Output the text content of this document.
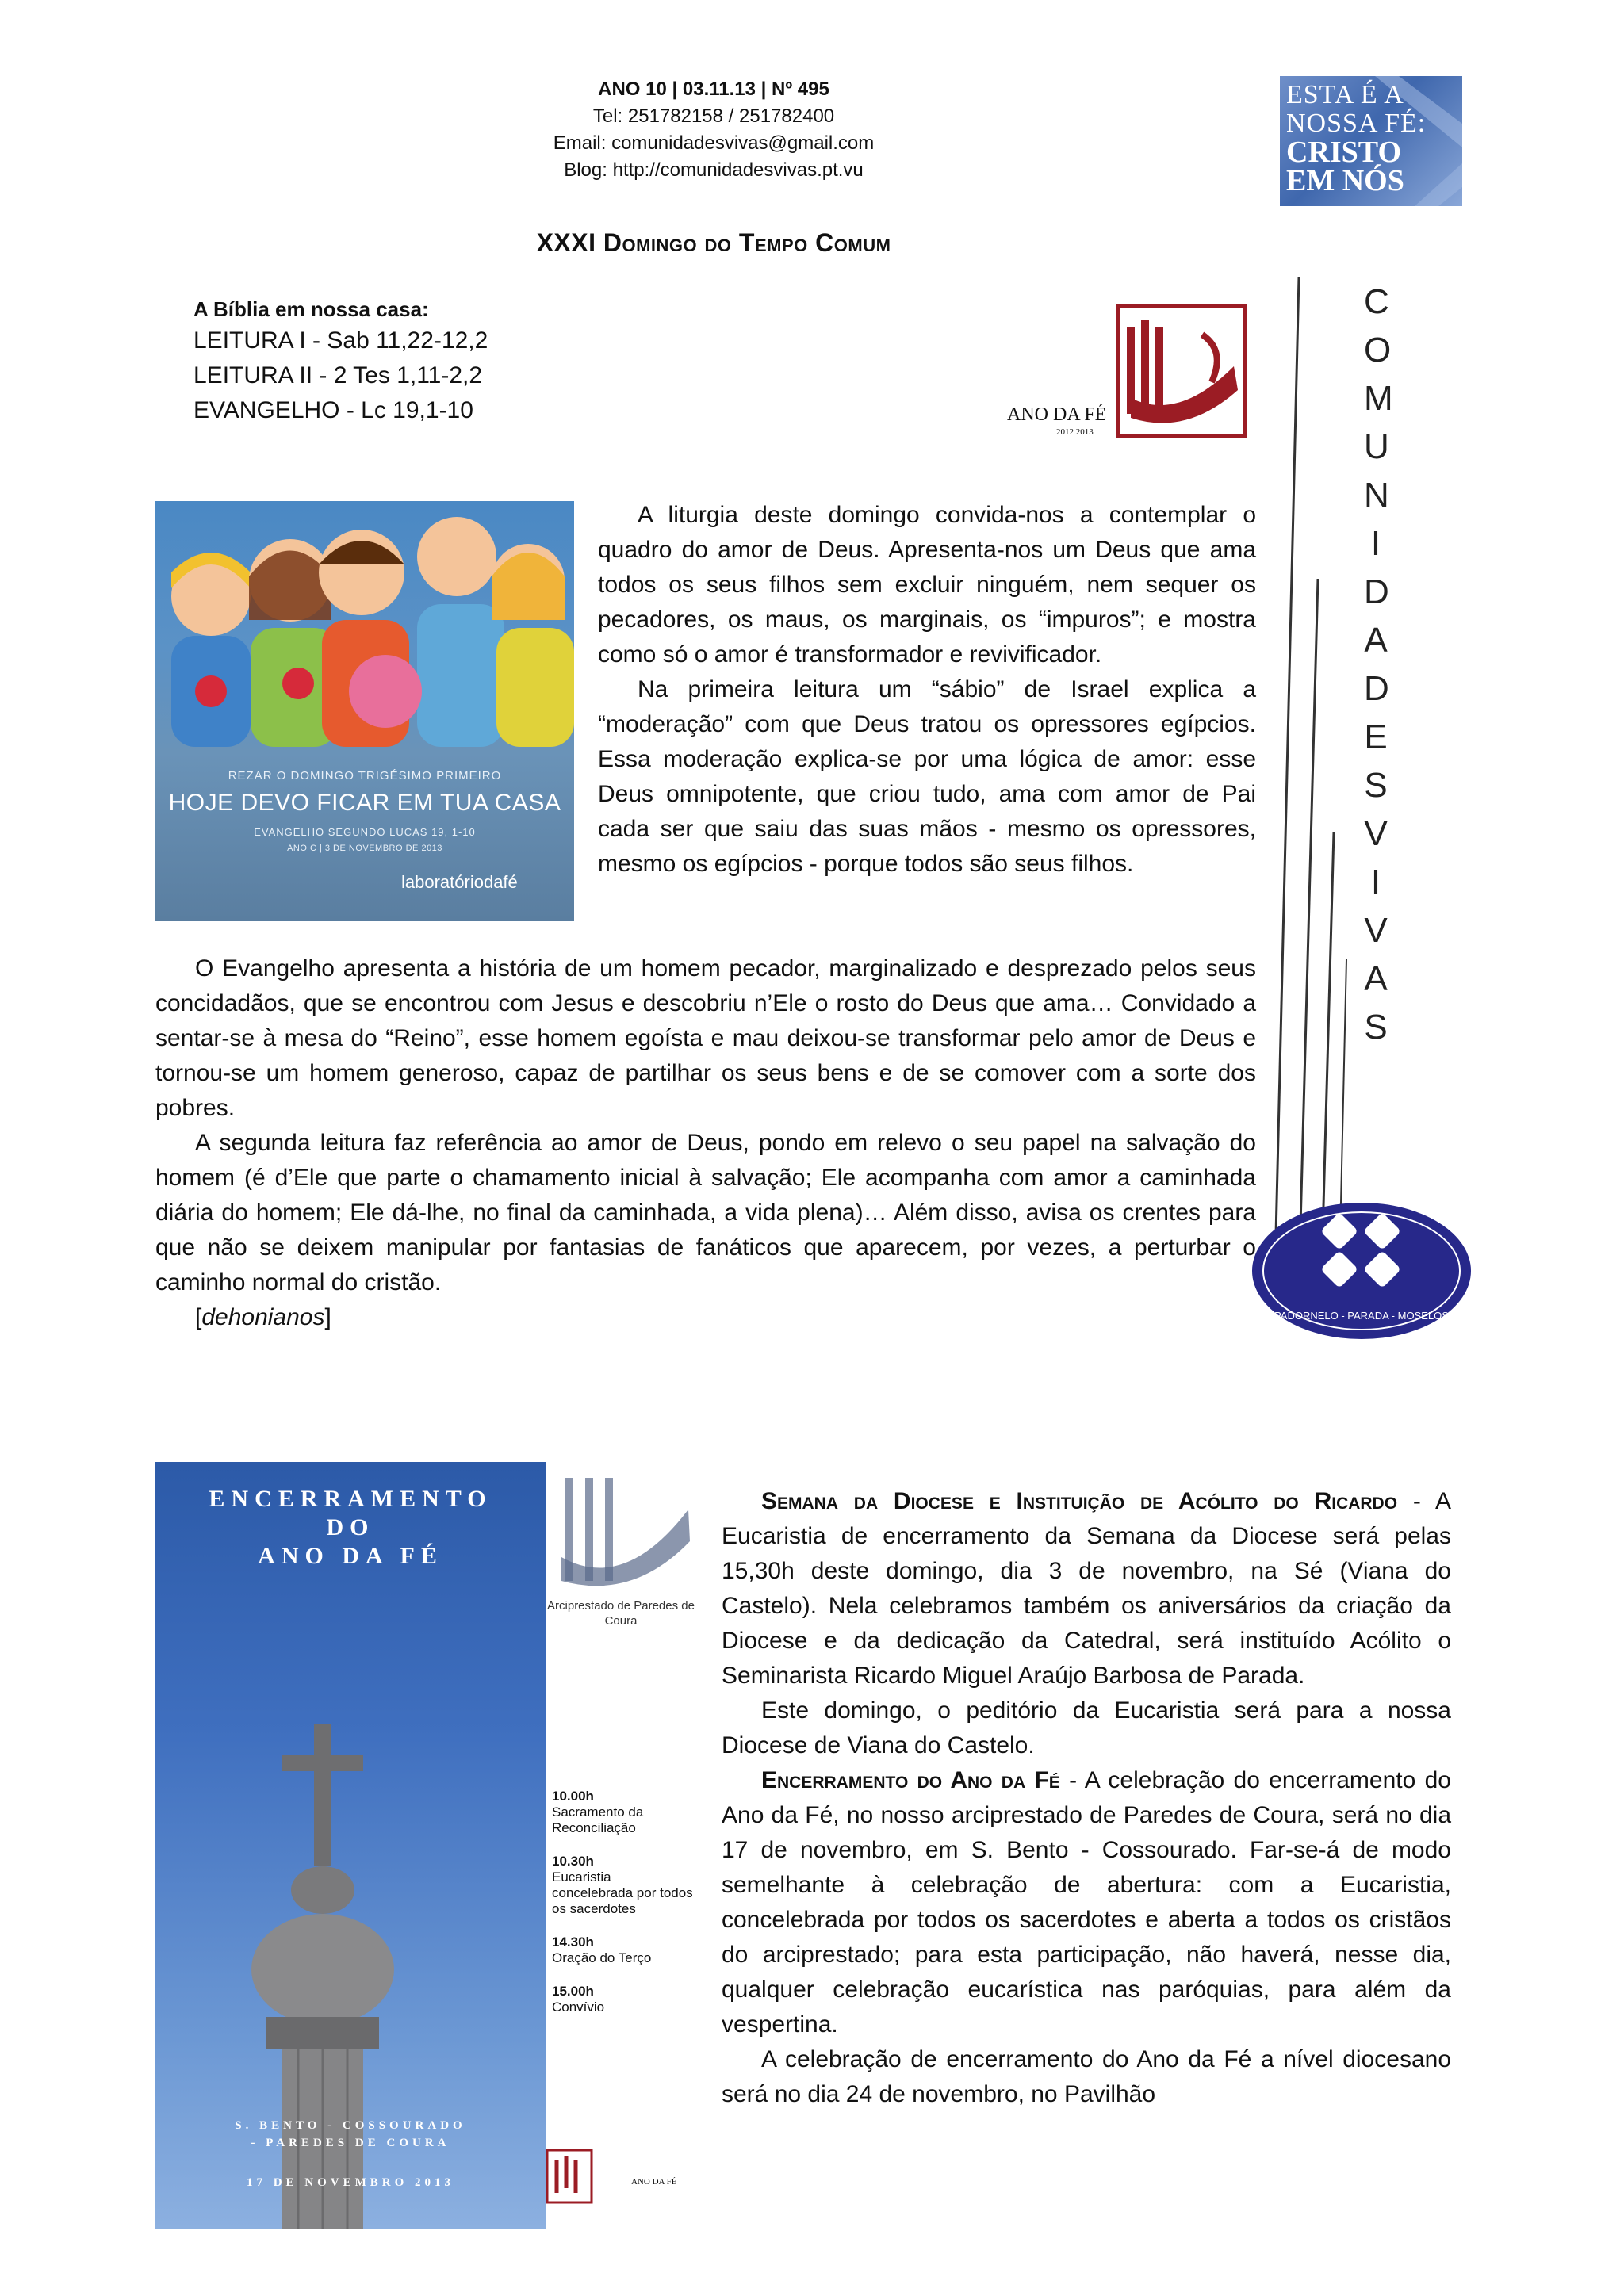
ANO 10 | 03.11.13 | Nº 495
Tel: 251782158 / 251782400
Email: comunidadesvivas@gmail.com
Blog: http://comunidadesvivas.pt.vu
ESTA É A
NOSSA FÉ:
CRISTO
EM NÓS
XXXI Domingo do Tempo Comum
A Bíblia em nossa casa:
LEITURA I - Sab 11,22-12,2
LEITURA II - 2 Tes 1,11-2,2
EVANGELHO - Lc 19,1-10	ANO DA FÉ
2012 2013
C
O
M
U
N
I
D
A
D
E
S
V
I
V
A
S
PADORNELO - PARADA - MOSELOS
REZAR O DOMINGO TRIGÉSIMO PRIMEIRO
HOJE DEVO FICAR EM TUA CASA
EVANGELHO SEGUNDO LUCAS 19, 1-10
ANO C | 3 DE NOVEMBRO DE 2013
laboratóriodafé

A liturgia deste domingo convida-nos a contemplar o quadro do amor de Deus. Apresenta-nos um Deus que ama todos os seus filhos sem excluir ninguém, nem sequer os pecadores, os maus, os marginais, os “impuros”; e mostra como só o amor é transformador e revivificador.

Na primeira leitura um “sábio” de Israel explica a “moderação” com que Deus tratou os opressores egípcios. Essa moderação explica-se por uma lógica de amor: esse Deus omnipotente, que criou tudo, ama com amor de Pai cada ser que saiu das suas mãos - mesmo os opressores, mesmo os egípcios - porque todos são seus filhos.

O Evangelho apresenta a história de um homem pecador, marginalizado e desprezado pelos seus concidadãos, que se encontrou com Jesus e descobriu n’Ele o rosto do Deus que ama… Convidado a sentar-se à mesa do “Reino”, esse homem egoísta e mau deixou-se transformar pelo amor de Deus e tornou-se um homem generoso, capaz de partilhar os seus bens e de se comover com a sorte dos pobres.

A segunda leitura faz referência ao amor de Deus, pondo em relevo o seu papel na salvação do homem (é d’Ele que parte o chamamento inicial à salvação; Ele acompanha com amor a caminhada diária do homem; Ele dá-lhe, no final da caminhada, a vida plena)… Além disso, avisa os crentes para que não se deixem manipular por fantasias de fanáticos que aparecem, por vezes, a perturbar o caminho normal do cristão.

[dehonianos]

ENCERRAMENTO
DO
ANO DA FÉ
S. BENTO - COSSOURADO
- PAREDES DE COURA
17 DE NOVEMBRO 2013
Arciprestado de Paredes de Coura
10.00h
Sacramento da Reconciliação
10.30h
Eucaristia concelebrada por todos os sacerdotes
14.30h
Oração do Terço
15.00h
Convívio
ANO DA FÉ

Semana da Diocese e Instituição de Acólito do Ricardo - A Eucaristia de encerramento da Semana da Diocese será pelas 15,30h deste domingo, dia 3 de novembro, na Sé (Viana do Castelo). Nela celebramos também os aniversários da criação da Diocese e da dedicação da Catedral, será instituído Acólito o Seminarista Ricardo Miguel Araújo Barbosa de Parada.

Este domingo, o peditório da Eucaristia será para a nossa Diocese de Viana do Castelo.

Encerramento do Ano da Fé - A celebração do encerramento do Ano da Fé, no nosso arciprestado de Paredes de Coura, será no dia 17 de novembro, em S. Bento - Cossourado. Far-se-á de modo semelhante à celebração de abertura: com a Eucaristia, concelebrada por todos os sacerdotes e aberta a todos os cristãos do arciprestado; para esta participação, não haverá, nesse dia, qualquer celebração eucarística nas paróquias, para além da vespertina.

A celebração de encerramento do Ano da Fé a nível diocesano será no dia 24 de novembro, no Pavilhão
